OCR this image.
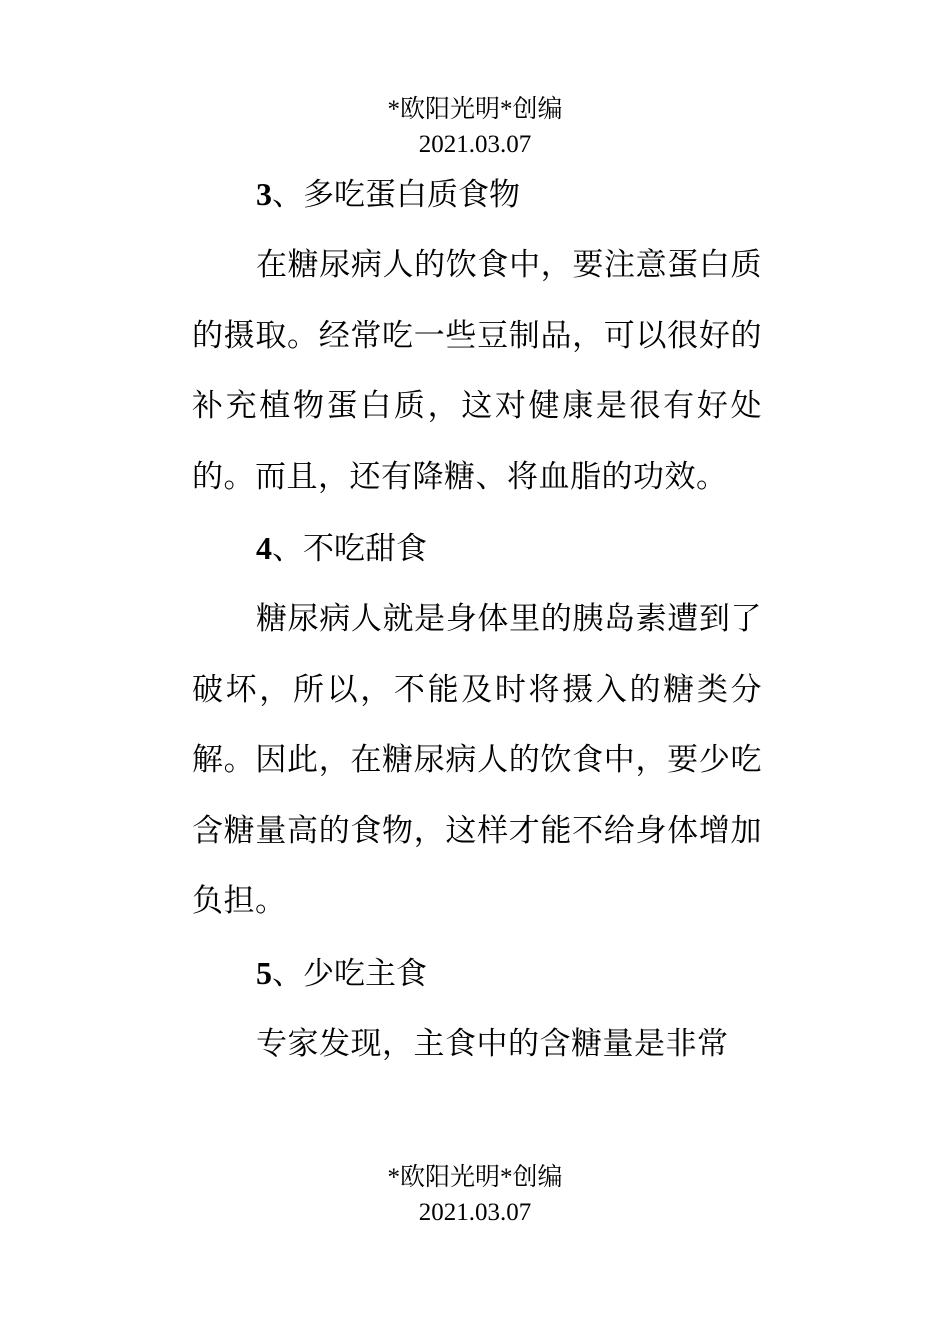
*欧阳光明*创编
2021.03.07

3、多吃蛋白质食物

在糖尿病人的饮食中，要注意蛋白质的摄取。经常吃一些豆制品，可以很好的补充植物蛋白质，这对健康是很有好处的。而且，还有降糖、将血脂的功效。

4、不吃甜食

糖尿病人就是身体里的胰岛素遭到了破坏，所以，不能及时将摄入的糖类分解。因此，在糖尿病人的饮食中，要少吃含糖量高的食物，这样才能不给身体增加负担。

5、少吃主食

专家发现，主食中的含糖量是非常

*欧阳光明*创编
2021.03.07
